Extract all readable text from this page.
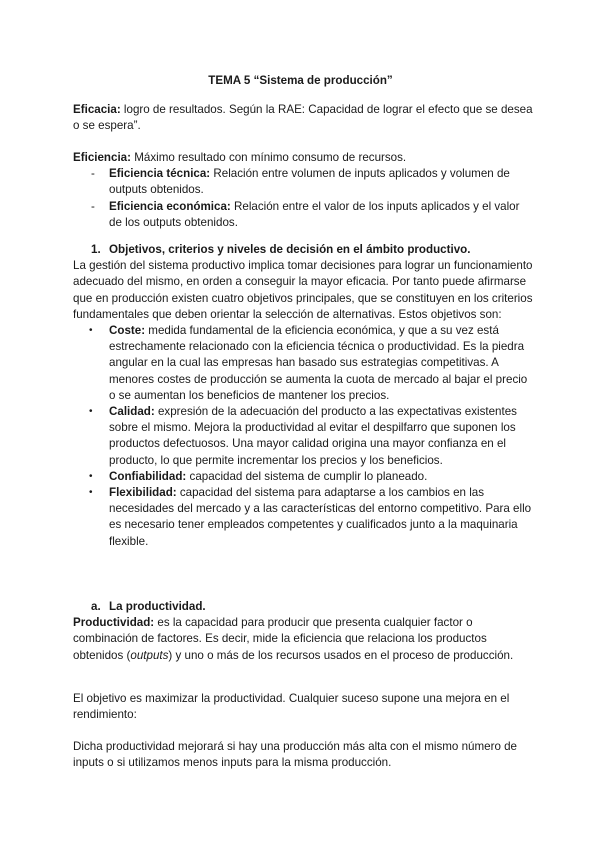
TEMA 5 “Sistema de producción”

Eficacia: logro de resultados. Según la RAE: Capacidad de lograr el efecto que se desea o se espera”.

Eficiencia: Máximo resultado con mínimo consumo de recursos.

- Eficiencia técnica: Relación entre volumen de inputs aplicados y volumen de outputs obtenidos.
- Eficiencia económica: Relación entre el valor de los inputs aplicados y el valor de los outputs obtenidos.

1. Objetivos, criterios y niveles de decisión en el ámbito productivo.

La gestión del sistema productivo implica tomar decisiones para lograr un funcionamiento adecuado del mismo, en orden a conseguir la mayor eficacia. Por tanto puede afirmarse que en producción existen cuatro objetivos principales, que se constituyen en los criterios fundamentales que deben orientar la selección de alternativas. Estos objetivos son:

• Coste: medida fundamental de la eficiencia económica, y que a su vez está estrechamente relacionado con la eficiencia técnica o productividad. Es la piedra angular en la cual las empresas han basado sus estrategias competitivas. A menores costes de producción se aumenta la cuota de mercado al bajar el precio o se aumentan los beneficios de mantener los precios.
• Calidad: expresión de la adecuación del producto a las expectativas existentes sobre el mismo. Mejora la productividad al evitar el despilfarro que suponen los productos defectuosos. Una mayor calidad origina una mayor confianza en el producto, lo que permite incrementar los precios y los beneficios.
• Confiabilidad: capacidad del sistema de cumplir lo planeado.
• Flexibilidad: capacidad del sistema para adaptarse a los cambios en las necesidades del mercado y a las características del entorno competitivo. Para ello es necesario tener empleados competentes y cualificados junto a la maquinaria flexible.

a. La productividad.

Productividad: es la capacidad para producir que presenta cualquier factor o combinación de factores. Es decir, mide la eficiencia que relaciona los productos obtenidos (outputs) y uno o más de los recursos usados en el proceso de producción.

El objetivo es maximizar la productividad. Cualquier suceso supone una mejora en el rendimiento:

Dicha productividad mejorará si hay una producción más alta con el mismo número de inputs o si utilizamos menos inputs para la misma producción.
